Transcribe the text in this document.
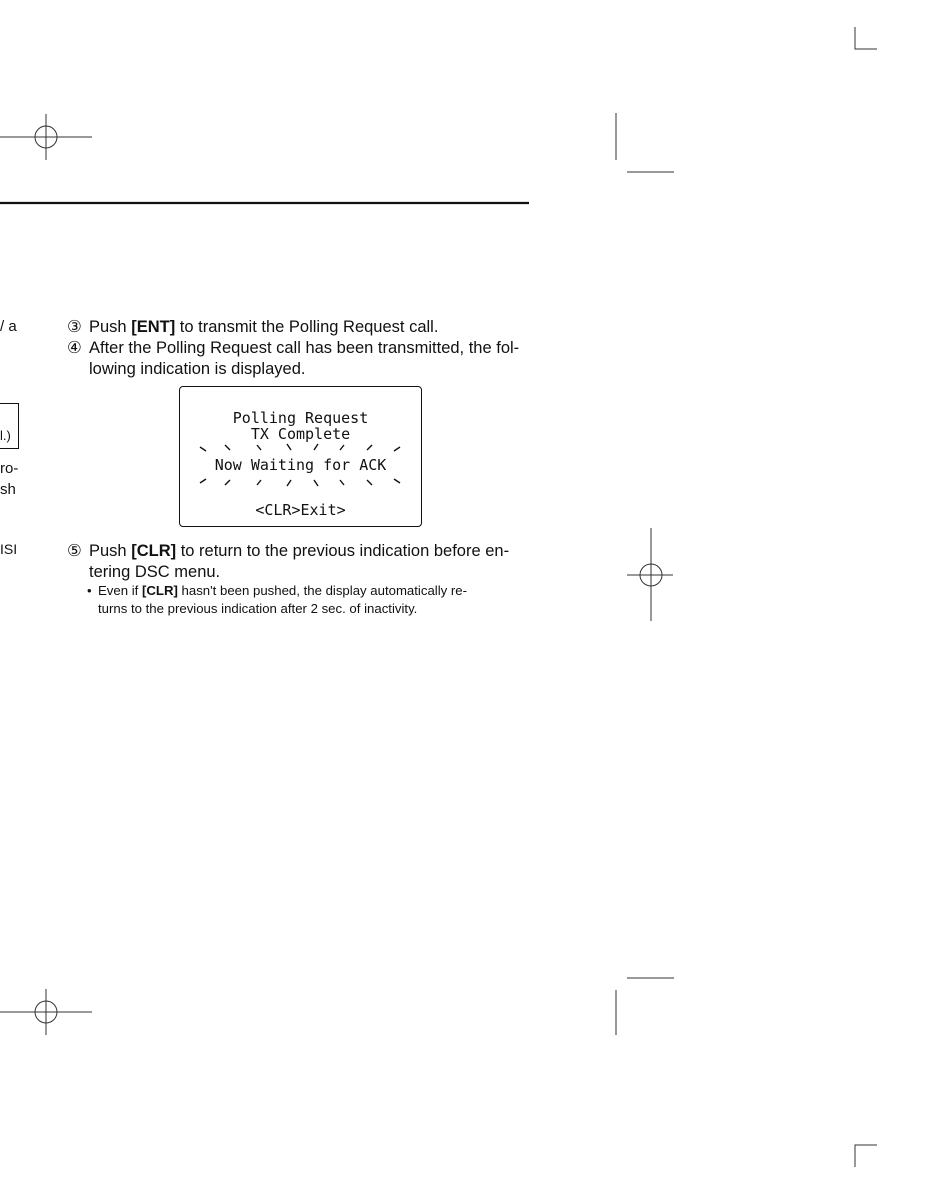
/ a
l.)
ro-
sh
ISI
③ Push [ENT] to transmit the Polling Request call.
④ After the Polling Request call has been transmitted, the fol-
lowing indication is displayed.
Polling Request
TX Complete
Now Waiting for ACK
<CLR>Exit>
⑤ Push [CLR] to return to the previous indication before en-
tering DSC menu.
• Even if [CLR] hasn't been pushed, the display automatically re-
turns to the previous indication after 2 sec. of inactivity.
